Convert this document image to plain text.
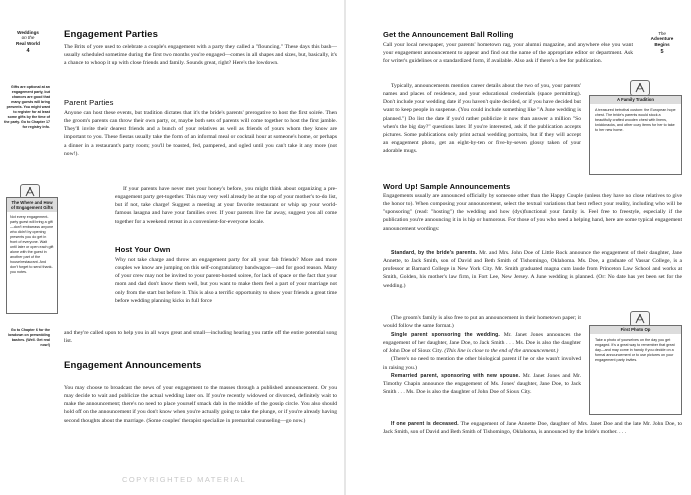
Weddings
on the
Real World
4
Engagement Parties

The Brits of yore used to celebrate a couple's engagement with a party they called a "flouncing." These days this bash—usually scheduled sometime during the first two months you're engaged—comes in all shapes and sizes, but, basically, it's a chance to whoop it up with close friends and family. Sounds great, right? Here's the lowdown.

Gifts are optional at an engagement party, but chances are good that many guests will bring presents. You might want to register for at least some gifts by the time of the party. Go to Chapter 17 for registry info.
Parent Parties

Anyone can host these events, but tradition dictates that it's the bride's parents' prerogative to host the first soirée. Then the groom's parents can throw their own party, or, maybe both sets of parents will come together to host the first jamble. They'll invite their dearest friends and a bunch of your relatives as well as friends of yours whom they know are important to you. These fiestas usually take the form of an informal meal or cocktail hour at someone's home, or perhaps a dinner in a restaurant's party room; you'll be toasted, fed, pampered, and ogled until you can't take it any more (not now!).

The Where and How of Engagement Gifts
Not every engagement-party guest will bring a gift—don't embarrass anyone who didn't by opening presents you do get in front of everyone. Wait until later or open each gift alone with the guest in another part of the house/restaurant. And don't forget to send thank-you notes.

If your parents have never met your honey's before, you might think about organizing a pre-engagement party get-together. This may very well already be at the top of your mother's to-do list, but if not, take charge! Suggest a meeting at your favorite restaurant or whip up your world-famous lasagna and have your families over. If your parents live far away, suggest you all come together for a weekend retreat in a convenient-for-everyone locale.

Host Your Own

Why not take charge and throw an engagement party for all your fab friends? More and more couples we know are jumping on this self-congratulatory bandwagon—and for good reason. Many of your crew may not be invited to your parent-hosted soiree, for lack of space or the fact that your mom and dad don't know them well, but you want to make them feel a part of your marriage not only from the start but before it. This is also a terrific opportunity to show your friends a great time before wedding planning kicks in full force

Go to Chapter 6 for the lowdown on prewedding bashes. (Well. Get real now!)

and they're called upon to help you in all ways great and small—including hearing you rattle off the entire potential song list.

Engagement Announcements

You may choose to broadcast the news of your engagement to the masses through a published announcement. Or you may decide to wait and publicize the actual wedding later on. If you're recently widowed or divorced, definitely wait to make the announcement; there's no need to place yourself smack dab in the middle of the gossip circle. You also should hold off on the announcement if you don't know when you're actually going to take the plunge, or if you're already having second thoughts about the marriage. (Some couples' therapist specialize in premarital counseling—go now.)

COPYRIGHTED MATERIAL
The
Adventure
Begins
5
Get the Announcement Ball Rolling

Call your local newspaper, your parents' hometown rag, your alumni magazine, and anywhere else you want your engagement announcement to appear and find out the name of the appropriate editor or department. Ask for writer's guidelines or a standardized form, if available. Also ask if there's a fee for publication.

Typically, announcements mention career details about the two of you, your parents' names and places of residence, and your educational credentials (space permitting). Don't include your wedding date if you haven't quite decided, or if you have decided but want to keep people in suspense. (You could include something like "A June wedding is planned.") Do list the date if you'd rather publicize it now than answer a million "So when's the big day?" questions later. If you're interested, ask if the publication accepts pictures. Some publications only print actual wedding portraits, but if they will accept an engagement photo, get an eight-by-ten or five-by-seven glossy taken of your adorable mugs.

A Family Tradition
A treasured betrothal custom: the European hope chest. The bride's parents would stock a beautifully crafted wooden chest with linens, knickknacks, and other cozy items for her to take to her new home.
Word Up! Sample Announcements

Engagements usually are announced officially by someone other than the Happy Couple (unless they have no close relatives to give the honor to). When composing your announcement, select the textual variations that best reflect your reality, including who will be "sponsoring" (read: "hosting") the wedding and how (dys)functional your family is. Feel free to freestyle, especially if the publication you're announcing it in is hip or humorous. For those of you who need a helping hand, here are some typical engagement announcement wordings:

Standard, by the bride's parents. Mr. and Mrs. John Doe of Little Rock announce the engagement of their daughter, Jane Annette, to Jack Smith, son of David and Beth Smith of Tishomingo, Oklahoma. Ms. Doe, a graduate of Vassar College, is a professor at Barnard College in New York City. Mr. Smith graduated magna cum laude from Princeton Law School and works at Smith, Golden, his mother's law firm, in Fort Lee, New Jersey. A June wedding is planned. (Or: No date has yet been set for the wedding.)

(The groom's family is also free to put an announcement in their hometown paper; it would follow the same format.)

Single parent sponsoring the wedding. Mr. Janet Jones announces the engagement of her daughter, Jane Doe, to Jack Smith . . . Ms. Doe is also the daughter of John Doe of Sioux City. (This line is close to the end of the announcement.)

(There's no need to mention the other biological parent if he or she wasn't involved in raising you.)

Remarried parent, sponsoring with new spouse. Mr. Janet Jones and Mr. Timothy Chapin announce the engagement of Ms. Jones' daughter, Jane Doe, to Jack Smith . . . Ms. Doe is also the daughter of John Doe of Sioux City.

First Photo Op
Take a photo of yourselves on the day you get engaged. It's a great way to remember that great day—and may come in handy if you decide on a formal announcement or to use pictures on your engagement party invites.

If one parent is deceased. The engagement of Jane Annette Doe, daughter of Mrs. Janet Doe and the late Mr. John Doe, to Jack Smith, son of David and Beth Smith of Tishomingo, Oklahoma, is announced by the bride's mother. . . .
